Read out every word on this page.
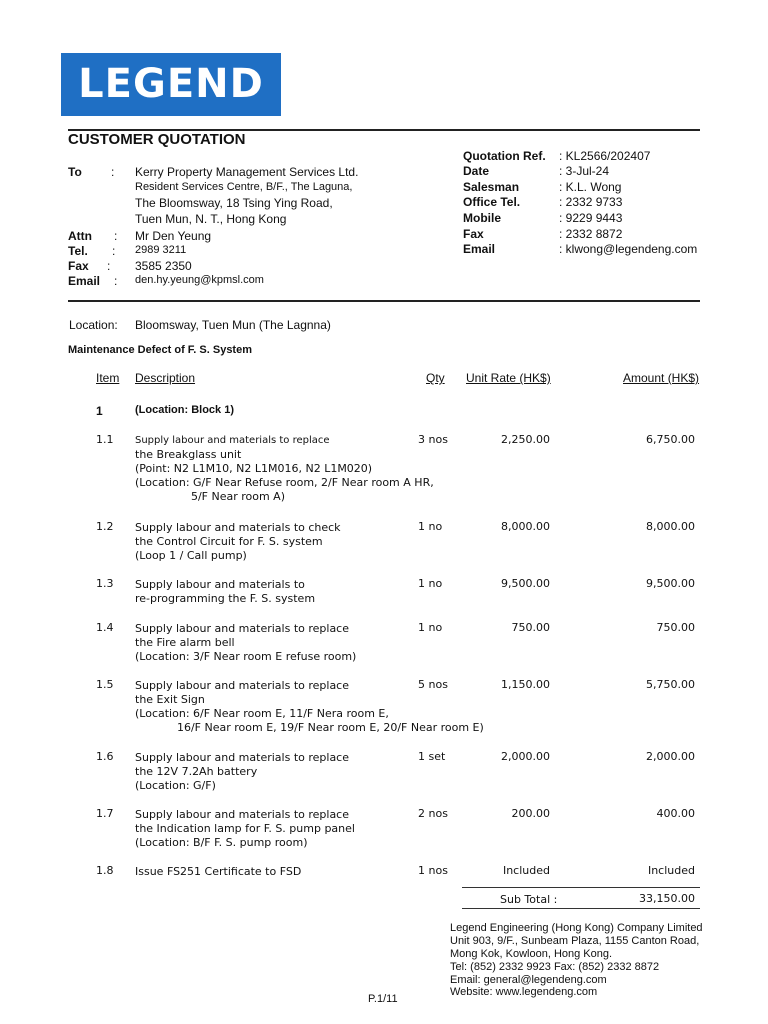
LEGEND
CUSTOMER QUOTATION
To : Kerry Property Management Services Ltd.
Resident Services Centre, B/F., The Laguna,
The Bloomsway, 18 Tsing Ying Road,
Tuen Mun, N. T., Hong Kong
Attn : Mr Den Yeung
Tel. : 2989 3211
Fax : 3585 2350
Email : den.hy.yeung@kpmsl.com
Quotation Ref. : KL2566/202407
Date	: 3-Jul-24
Salesman	: K.L. Wong
Office Tel.	: 2332 9733
Mobile	: 9229 9443
Fax	: 2332 8872
Email	: klwong@legendeng.com
Location: Bloomsway, Tuen Mun (The Lagnna)
Maintenance Defect of F. S. System
Item Description	Qty Unit Rate (HK$)	Amount (HK$)
1	(Location: Block 1)
1.1 Supply labour and materials to replace
the Breakglass unit
(Point: N2 L1M10, N2 L1M016, N2 L1M020)
(Location: G/F Near Refuse room, 2/F Near room A HR,
5/F Near room A)
3 nos	2,250.00	6,750.00
1.2 Supply labour and materials to check
the Control Circuit for F. S. system
(Loop 1 / Call pump)
1 no	8,000.00	8,000.00
1.3 Supply labour and materials to
re-programming the F. S. system
1 no	9,500.00	9,500.00
1.4 Supply labour and materials to replace
the Fire alarm bell
(Location: 3/F Near room E refuse room)
1 no	750.00	750.00
1.5 Supply labour and materials to replace
the Exit Sign
(Location: 6/F Near room E, 11/F Nera room E,
16/F Near room E, 19/F Near room E, 20/F Near room E)
5 nos	1,150.00	5,750.00
1.6 Supply labour and materials to replace
the 12V 7.2Ah battery
(Location: G/F)
1 set	2,000.00	2,000.00
1.7 Supply labour and materials to replace
the Indication lamp for F. S. pump panel
(Location: B/F F. S. pump room)
2 nos	200.00	400.00
1.8 Issue FS251 Certificate to FSD	1 nos	Included	Included
Sub Total :	33,150.00
Legend Engineering (Hong Kong) Company Limited
Unit 903, 9/F., Sunbeam Plaza, 1155 Canton Road,
Mong Kok, Kowloon, Hong Kong.
Tel: (852) 2332 9923 Fax: (852) 2332 8872
Email: general@legendeng.com
Website: www.legendeng.com
P.1/11
